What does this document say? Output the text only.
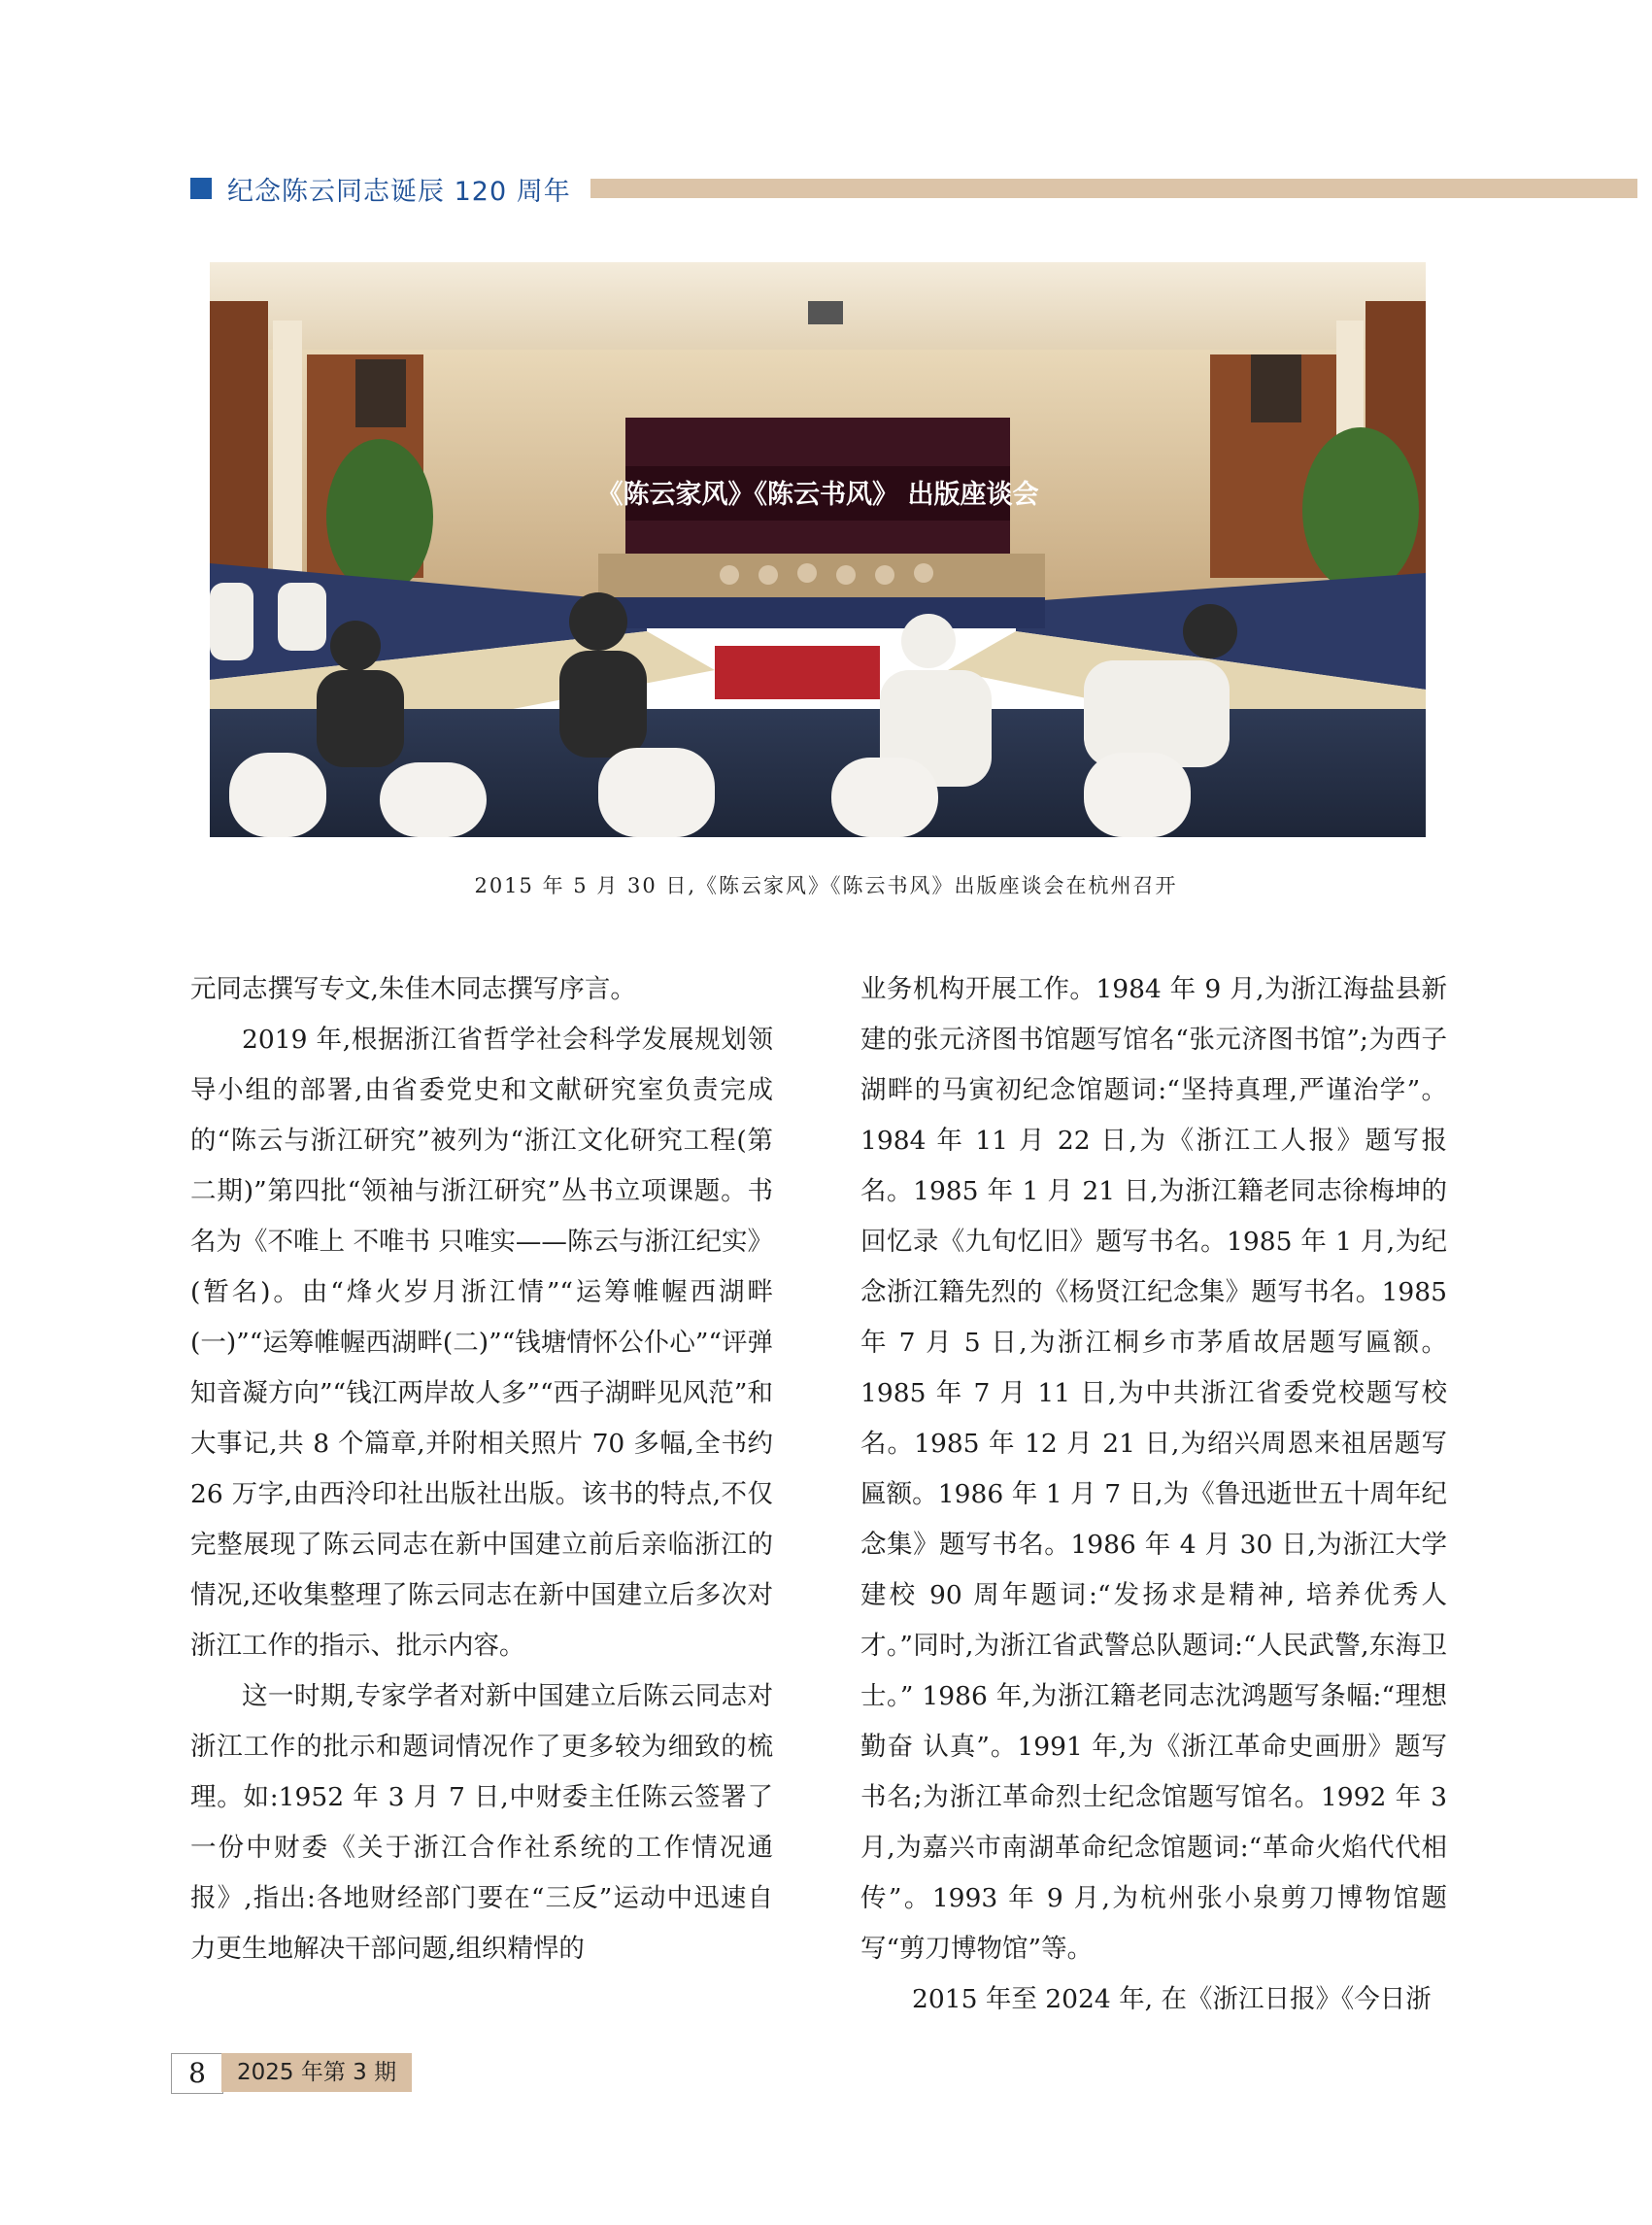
纪念陈云同志诞辰 120 周年
《陈云家风》《陈云书风》 出版座谈会
2015 年 5 月 30 日,《陈云家风》《陈云书风》出版座谈会在杭州召开

元同志撰写专文,朱佳木同志撰写序言。

2019 年,根据浙江省哲学社会科学发展规划领导小组的部署,由省委党史和文献研究室负责完成的“陈云与浙江研究”被列为“浙江文化研究工程(第二期)”第四批“领袖与浙江研究”丛书立项课题。书名为《不唯上 不唯书 只唯实——陈云与浙江纪实》(暂名)。由“烽火岁月浙江情”“运筹帷幄西湖畔(一)”“运筹帷幄西湖畔(二)”“钱塘情怀公仆心”“评弹知音凝方向”“钱江两岸故人多”“西子湖畔见风范”和大事记,共 8 个篇章,并附相关照片 70 多幅,全书约 26 万字,由西泠印社出版社出版。该书的特点,不仅完整展现了陈云同志在新中国建立前后亲临浙江的情况,还收集整理了陈云同志在新中国建立后多次对浙江工作的指示、批示内容。

这一时期,专家学者对新中国建立后陈云同志对浙江工作的批示和题词情况作了更多较为细致的梳理。如:1952 年 3 月 7 日,中财委主任陈云签署了一份中财委《关于浙江合作社系统的工作情况通报》,指出:各地财经部门要在“三反”运动中迅速自力更生地解决干部问题,组织精悍的

业务机构开展工作。1984 年 9 月,为浙江海盐县新建的张元济图书馆题写馆名“张元济图书馆”;为西子湖畔的马寅初纪念馆题词:“坚持真理,严谨治学”。 1984 年 11 月 22 日,为《浙江工人报》题写报名。1985 年 1 月 21 日,为浙江籍老同志徐梅坤的回忆录《九旬忆旧》题写书名。1985 年 1 月,为纪念浙江籍先烈的《杨贤江纪念集》题写书名。1985 年 7 月 5 日,为浙江桐乡市茅盾故居题写匾额。1985 年 7 月 11 日,为中共浙江省委党校题写校名。1985 年 12 月 21 日,为绍兴周恩来祖居题写匾额。1986 年 1 月 7 日,为《鲁迅逝世五十周年纪念集》题写书名。1986 年 4 月 30 日,为浙江大学建校 90 周年题词:“发扬求是精神, 培养优秀人才。”同时,为浙江省武警总队题词:“人民武警,东海卫士。” 1986 年,为浙江籍老同志沈鸿题写条幅:“理想 勤奋 认真”。1991 年,为《浙江革命史画册》题写书名;为浙江革命烈士纪念馆题写馆名。1992 年 3 月,为嘉兴市南湖革命纪念馆题词:“革命火焰代代相传”。1993 年 9 月,为杭州张小泉剪刀博物馆题写“剪刀博物馆”等。

2015 年至 2024 年, 在《浙江日报》《今日浙

8	2025 年第 3 期
